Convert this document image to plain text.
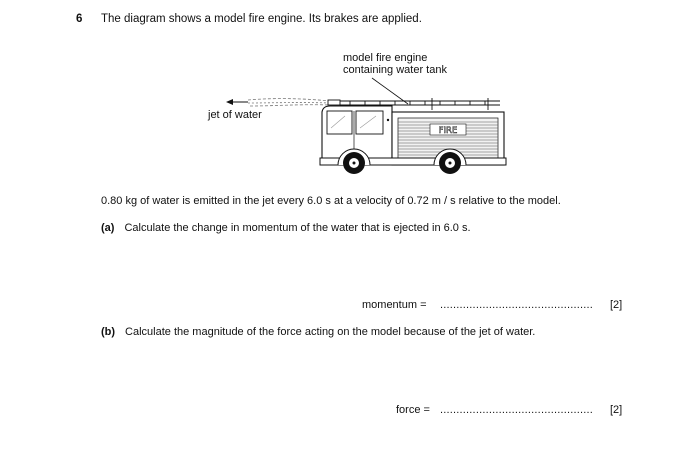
6 The diagram shows a model fire engine. Its brakes are applied.
model fire engine
containing water tank
jet of water
FIRE
0.80 kg of water is emitted in the jet every 6.0 s at a velocity of 0.72 m / s relative to the model.
(a) Calculate the change in momentum of the water that is ejected in 6.0 s.
momentum = ............................................... [2]
(b) Calculate the magnitude of the force acting on the model because of the jet of water.
force = ............................................... [2]
